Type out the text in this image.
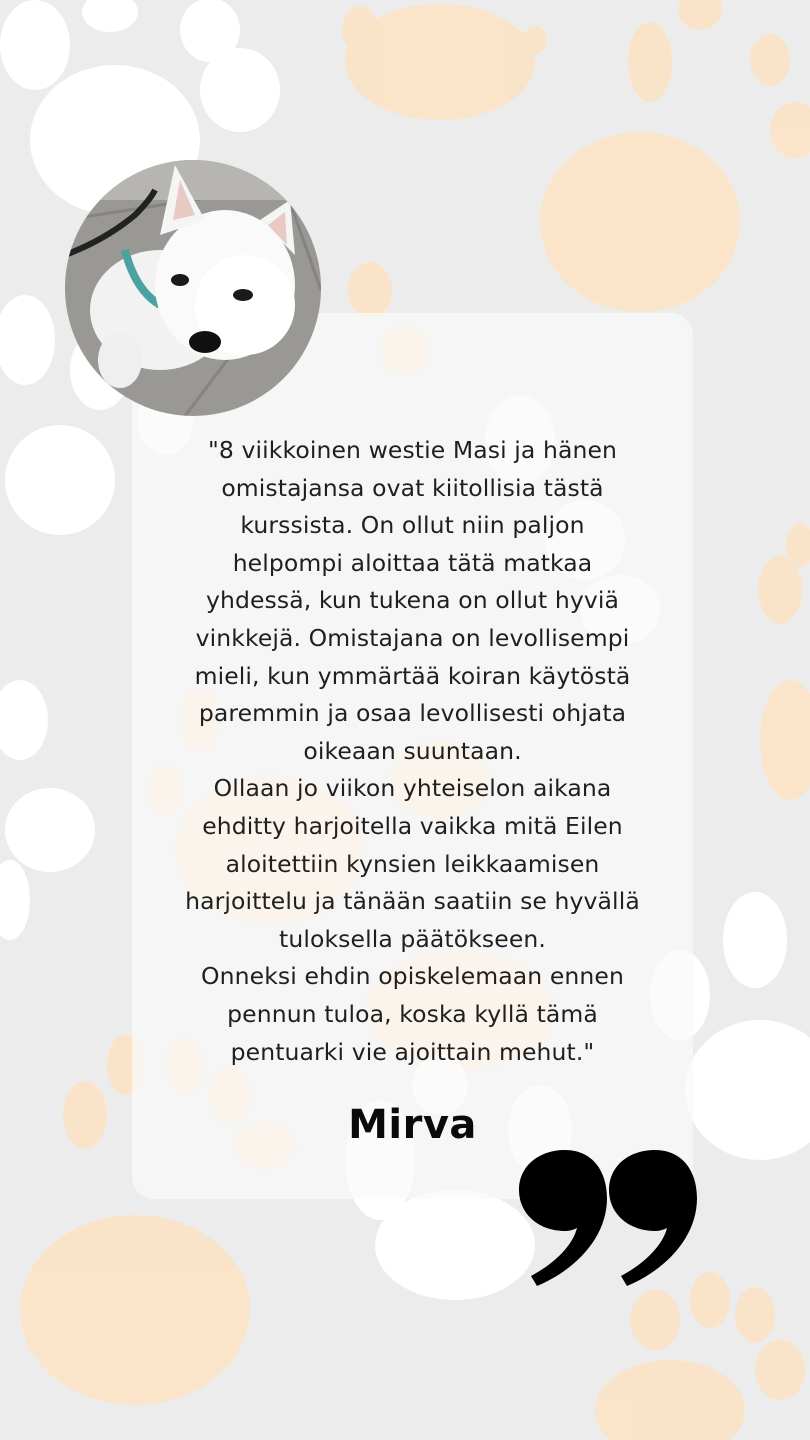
"8 viikkoinen westie Masi ja hänen
omistajansa ovat kiitollisia tästä
kurssista. On ollut niin paljon
helpompi aloittaa tätä matkaa
yhdessä, kun tukena on ollut hyviä
vinkkejä. Omistajana on levollisempi
mieli, kun ymmärtää koiran käytöstä
paremmin ja osaa levollisesti ohjata
oikeaan suuntaan.
Ollaan jo viikon yhteiselon aikana
ehditty harjoitella vaikka mitä Eilen
aloitettiin kynsien leikkaamisen
harjoittelu ja tänään saatiin se hyvällä
tuloksella päätökseen.
Onneksi ehdin opiskelemaan ennen
pennun tuloa, koska kyllä tämä
pentuarki vie ajoittain mehut."
Mirva
